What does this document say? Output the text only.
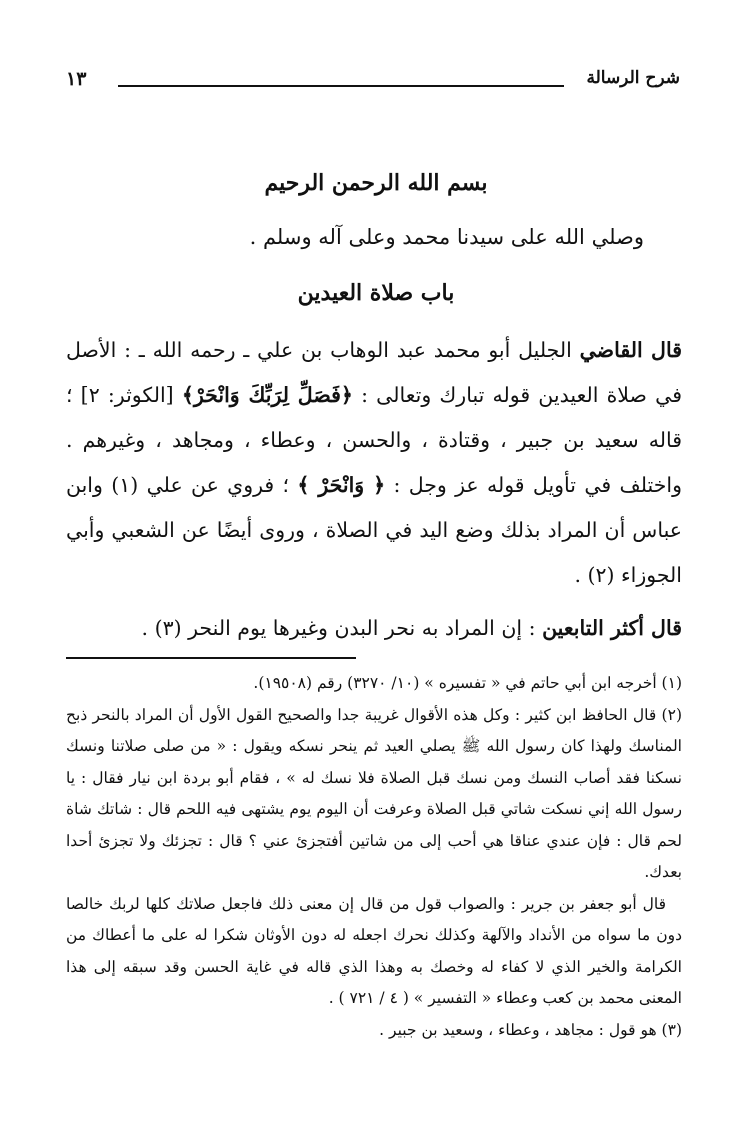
شرح الرسالة
١٣
بسم الله الرحمن الرحيم
وصلي الله على سيدنا محمد وعلى آله وسلم .
باب صلاة العيدين

قال القاضي الجليل أبو محمد عبد الوهاب بن علي ـ رحمه الله ـ : الأصل في صلاة العيدين قوله تبارك وتعالى : ﴿فَصَلِّ لِرَبِّكَ وَانْحَرْ﴾ [الكوثر: ٢] ؛ قاله سعيد بن جبير ، وقتادة ، والحسن ، وعطاء ، ومجاهد ، وغيرهم . واختلف في تأويل قوله عز وجل : ﴿ وَانْحَرْ ﴾ ؛ فروي عن علي (١) وابن عباس أن المراد بذلك وضع اليد في الصلاة ، وروى أيضًا عن الشعبي وأبي الجوزاء (٢) .

قال أكثر التابعين : إن المراد به نحر البدن وغيرها يوم النحر (٣) .

(١) أخرجه ابن أبي حاتم في « تفسيره » (١٠/ ٣٢٧٠) رقم (١٩٥٠٨).

(٢) قال الحافظ ابن كثير : وكل هذه الأقوال غريبة جدا والصحيح القول الأول أن المراد بالنحر ذبح المناسك ولهذا كان رسول الله ﷺ يصلي العيد ثم ينحر نسكه ويقول : « من صلى صلاتنا ونسك نسكنا فقد أصاب النسك ومن نسك قبل الصلاة فلا نسك له » ، فقام أبو بردة ابن نيار فقال : يا رسول الله إني نسكت شاتي قبل الصلاة وعرفت أن اليوم يوم يشتهى فيه اللحم قال : شاتك شاة لحم قال : فإن عندي عناقا هي أحب إلى من شاتين أفتجزئ عني ؟ قال : تجزئك ولا تجزئ أحدا بعدك.

قال أبو جعفر بن جرير : والصواب قول من قال إن معنى ذلك فاجعل صلاتك كلها لربك خالصا دون ما سواه من الأنداد والآلهة وكذلك نحرك اجعله له دون الأوثان شكرا له على ما أعطاك من الكرامة والخير الذي لا كفاء له وخصك به وهذا الذي قاله في غاية الحسن وقد سبقه إلى هذا المعنى محمد بن كعب وعطاء « التفسير » ( ٤ / ٧٢١ ) .

(٣) هو قول : مجاهد ، وعطاء ، وسعيد بن جبير .
